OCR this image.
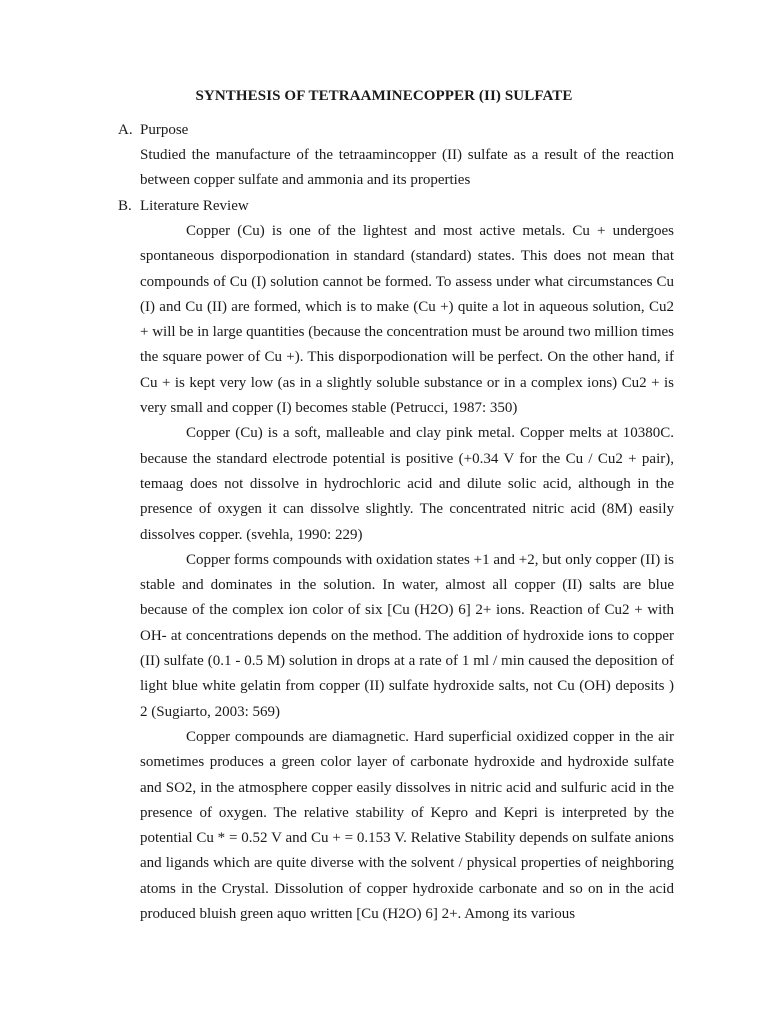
SYNTHESIS OF TETRAAMINECOPPER (II) SULFATE
A. Purpose

Studied the manufacture of the tetraamincopper (II) sulfate as a result of the reaction between copper sulfate and ammonia and its properties

B. Literature Review

Copper (Cu) is one of the lightest and most active metals. Cu + undergoes spontaneous disporpodionation in standard (standard) states. This does not mean that compounds of Cu (I) solution cannot be formed. To assess under what circumstances Cu (I) and Cu (II) are formed, which is to make (Cu +) quite a lot in aqueous solution, Cu2 + will be in large quantities (because the concentration must be around two million times the square power of Cu +). This disporpodionation will be perfect. On the other hand, if Cu + is kept very low (as in a slightly soluble substance or in a complex ions) Cu2 + is very small and copper (I) becomes stable (Petrucci, 1987: 350)

Copper (Cu) is a soft, malleable and clay pink metal. Copper melts at 10380C. because the standard electrode potential is positive (+0.34 V for the Cu / Cu2 + pair), temaag does not dissolve in hydrochloric acid and dilute solic acid, although in the presence of oxygen it can dissolve slightly. The concentrated nitric acid (8M) easily dissolves copper. (svehla, 1990: 229)

Copper forms compounds with oxidation states +1 and +2, but only copper (II) is stable and dominates in the solution. In water, almost all copper (II) salts are blue because of the complex ion color of six [Cu (H2O) 6] 2+ ions. Reaction of Cu2 + with OH- at concentrations depends on the method. The addition of hydroxide ions to copper (II) sulfate (0.1 - 0.5 M) solution in drops at a rate of 1 ml / min caused the deposition of light blue white gelatin from copper (II) sulfate hydroxide salts, not Cu (OH) deposits ) 2 (Sugiarto, 2003: 569)

Copper compounds are diamagnetic. Hard superficial oxidized copper in the air sometimes produces a green color layer of carbonate hydroxide and hydroxide sulfate and SO2, in the atmosphere copper easily dissolves in nitric acid and sulfuric acid in the presence of oxygen. The relative stability of Kepro and Kepri is interpreted by the potential Cu * = 0.52 V and Cu + = 0.153 V. Relative Stability depends on sulfate anions and ligands which are quite diverse with the solvent / physical properties of neighboring atoms in the Crystal. Dissolution of copper hydroxide carbonate and so on in the acid produced bluish green aquo written [Cu (H2O) 6] 2+. Among its various
